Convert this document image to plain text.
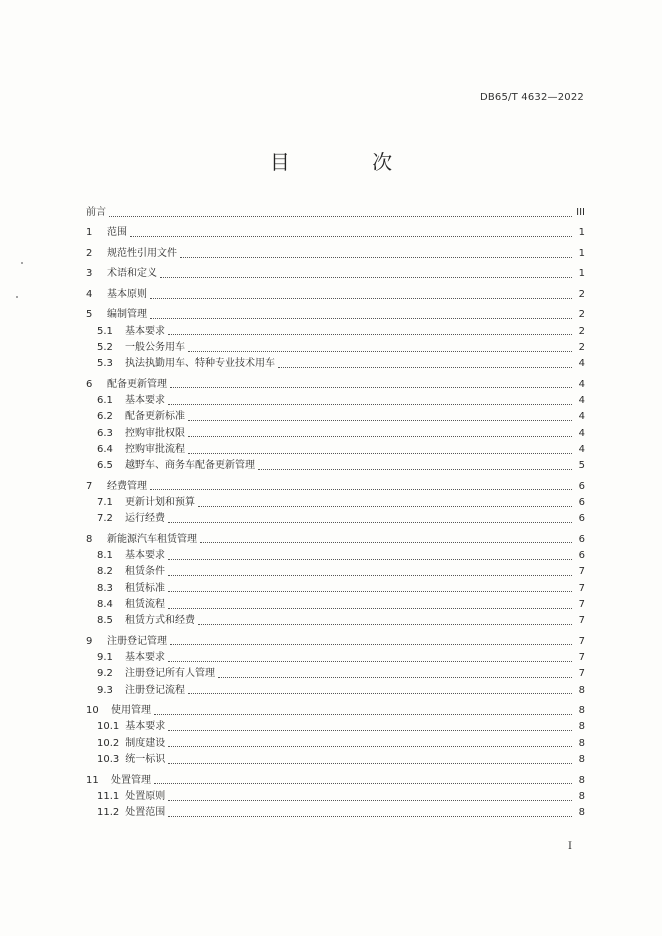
DB65/T 4632—2022
目 次
前言	III
1	范围	1
2	规范性引用文件	1
3	术语和定义	1
4	基本原则	2
5	编制管理	2
5.1	基本要求	2
5.2	一般公务用车	2
5.3	执法执勤用车、特种专业技术用车	4
6	配备更新管理	4
6.1	基本要求	4
6.2	配备更新标准	4
6.3	控购审批权限	4
6.4	控购审批流程	4
6.5	越野车、商务车配备更新管理	5
7	经费管理	6
7.1	更新计划和预算	6
7.2	运行经费	6
8	新能源汽车租赁管理	6
8.1	基本要求	6
8.2	租赁条件	7
8.3	租赁标准	7
8.4	租赁流程	7
8.5	租赁方式和经费	7
9	注册登记管理	7
9.1	基本要求	7
9.2	注册登记所有人管理	7
9.3	注册登记流程	8
10	使用管理	8
10.1 基本要求	8
10.2 制度建设	8
10.3 统一标识	8
11	处置管理	8
11.1 处置原则	8
11.2 处置范围	8
I
